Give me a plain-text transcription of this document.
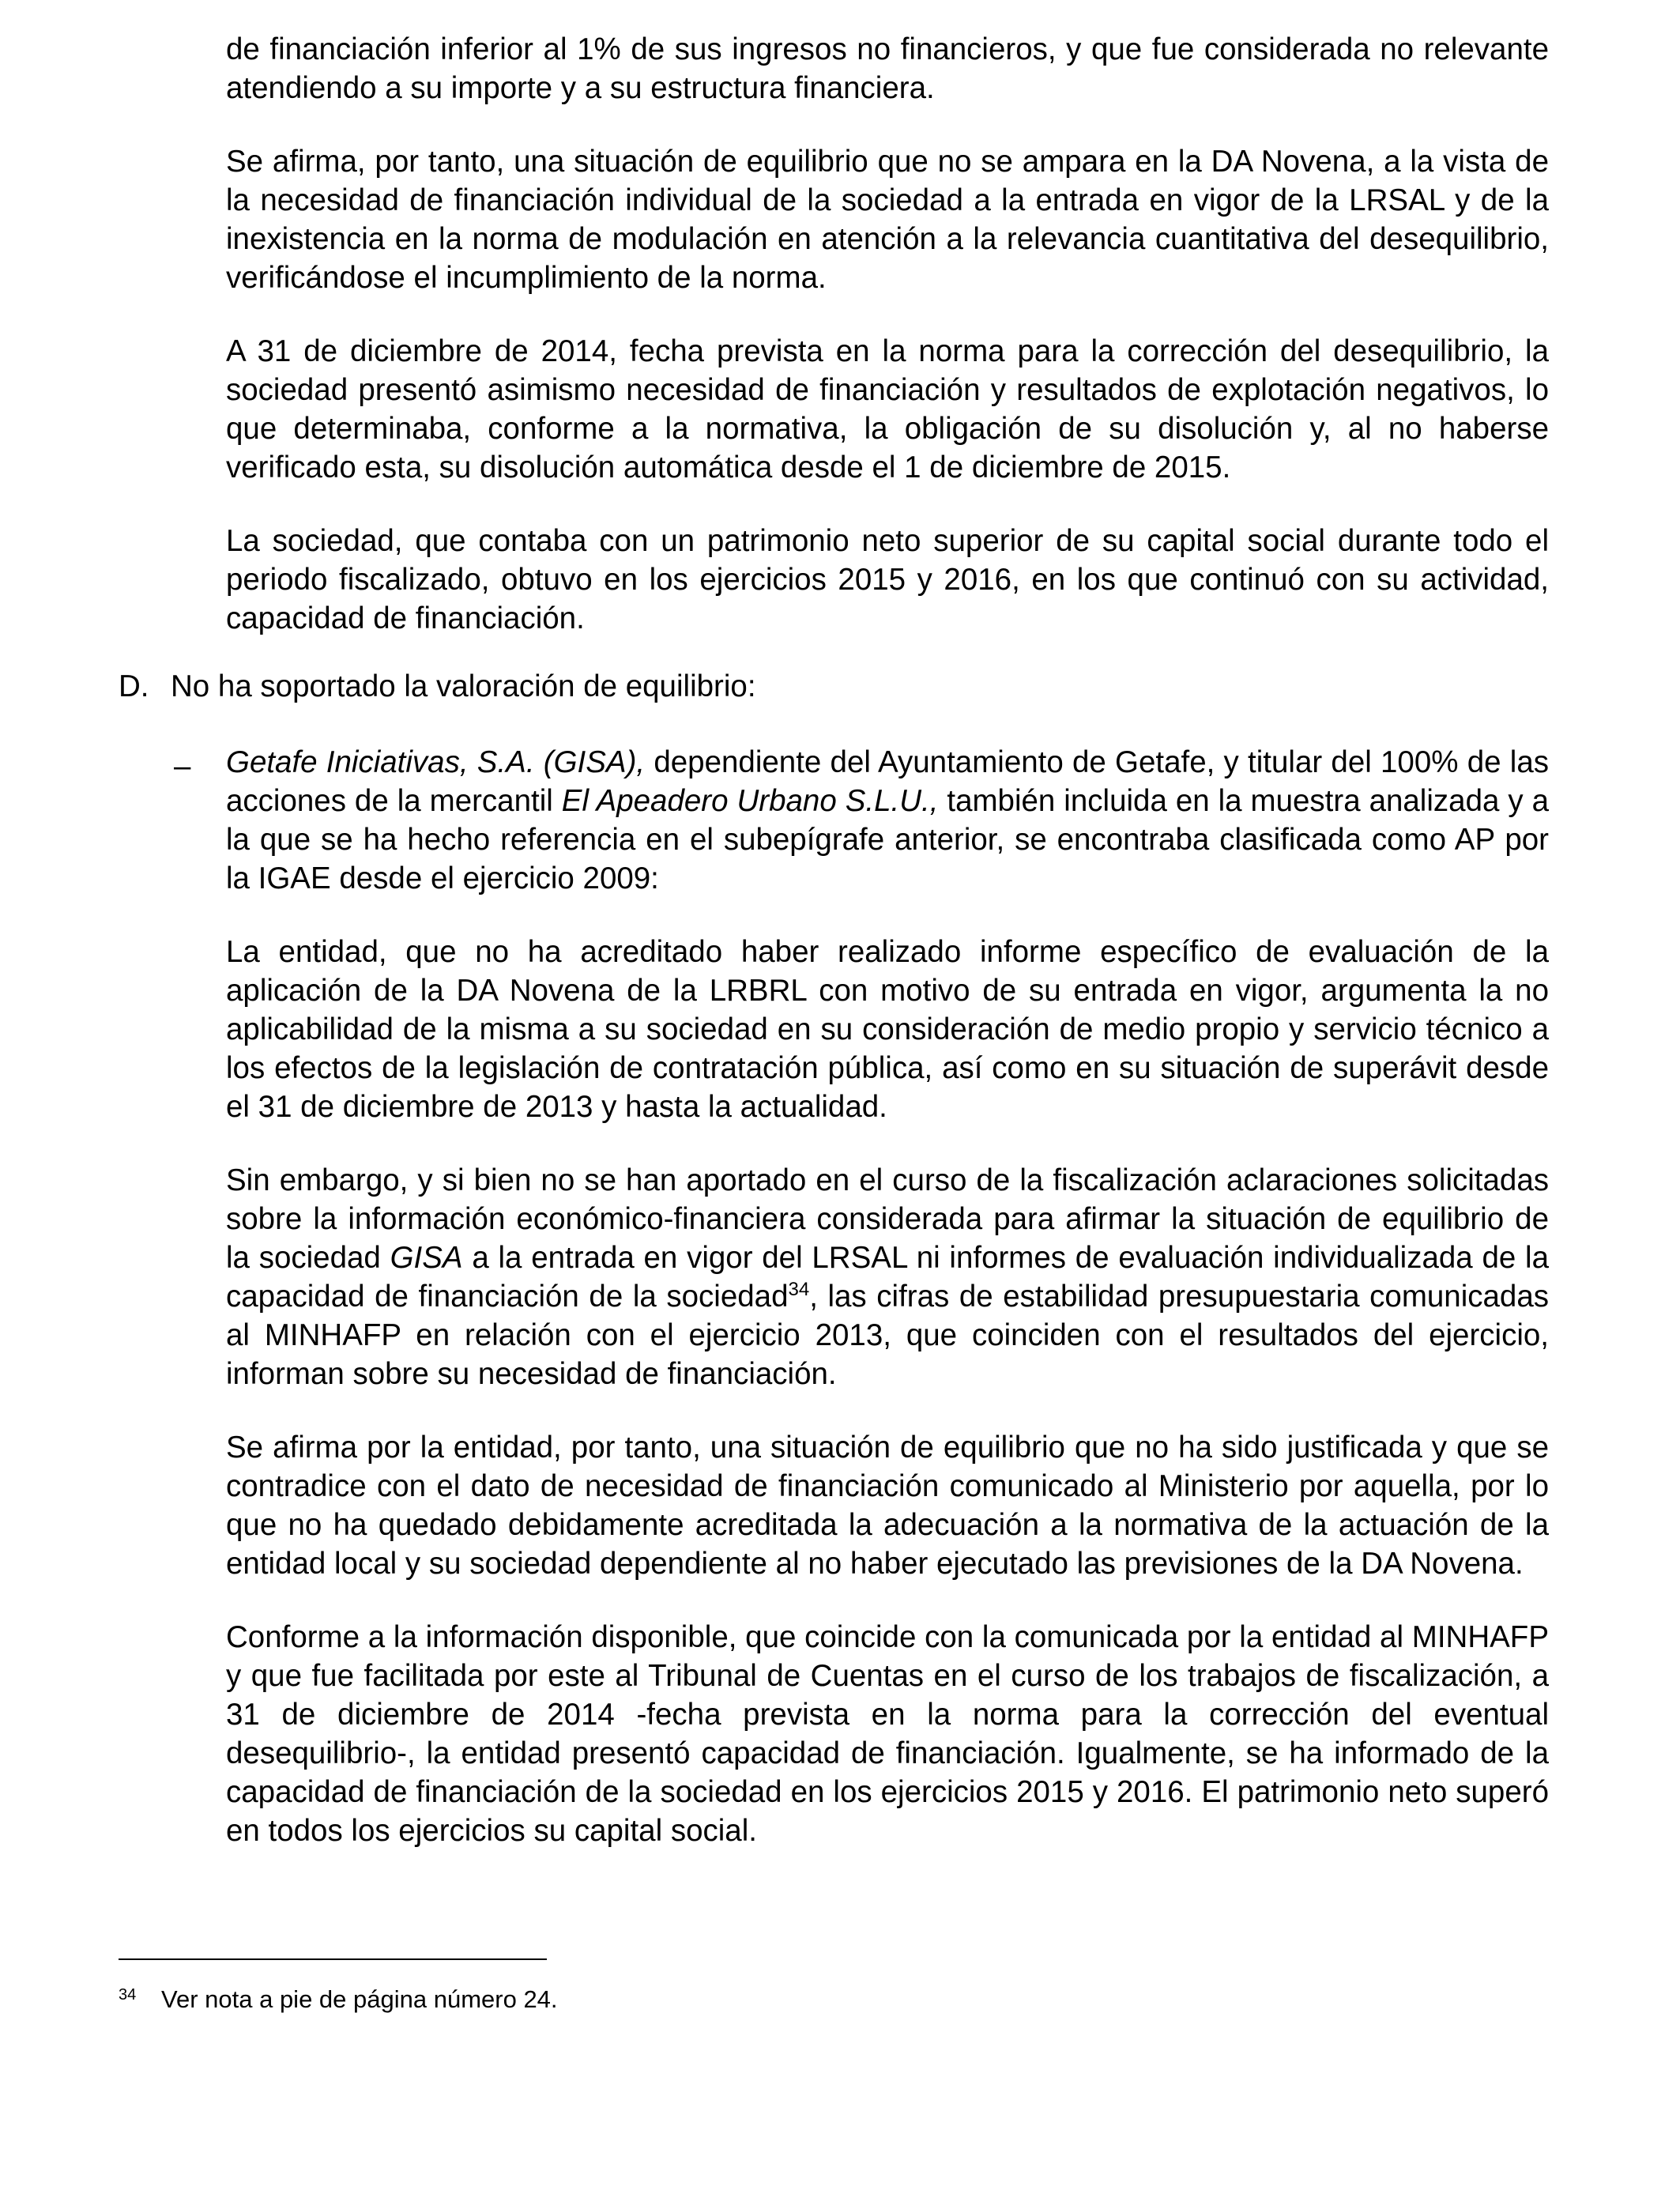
de financiación inferior al 1% de sus ingresos no financieros, y que fue considerada no relevante atendiendo a su importe y a su estructura financiera.

Se afirma, por tanto, una situación de equilibrio que no se ampara en la DA Novena, a la vista de la necesidad de financiación individual de la sociedad a la entrada en vigor de la LRSAL y de la inexistencia en la norma de modulación en atención a la relevancia cuantitativa del desequilibrio, verificándose el incumplimiento de la norma.

A 31 de diciembre de 2014, fecha prevista en la norma para la corrección del desequilibrio, la sociedad presentó asimismo necesidad de financiación y resultados de explotación negativos, lo que determinaba, conforme a la normativa, la obligación de su disolución y, al no haberse verificado esta, su disolución automática desde el 1 de diciembre de 2015.

La sociedad, que contaba con un patrimonio neto superior de su capital social durante todo el periodo fiscalizado, obtuvo en los ejercicios 2015 y 2016, en los que continuó con su actividad, capacidad de financiación.

D. No ha soportado la valoración de equilibrio:
– Getafe Iniciativas, S.A. (GISA), dependiente del Ayuntamiento de Getafe, y titular del 100% de las acciones de la mercantil El Apeadero Urbano S.L.U., también incluida en la muestra analizada y a la que se ha hecho referencia en el subepígrafe anterior, se encontraba clasificada como AP por la IGAE desde el ejercicio 2009:

La entidad, que no ha acreditado haber realizado informe específico de evaluación de la aplicación de la DA Novena de la LRBRL con motivo de su entrada en vigor, argumenta la no aplicabilidad de la misma a su sociedad en su consideración de medio propio y servicio técnico a los efectos de la legislación de contratación pública, así como en su situación de superávit desde el 31 de diciembre de 2013 y hasta la actualidad.

Sin embargo, y si bien no se han aportado en el curso de la fiscalización aclaraciones solicitadas sobre la información económico-financiera considerada para afirmar la situación de equilibrio de la sociedad GISA a la entrada en vigor del LRSAL ni informes de evaluación individualizada de la capacidad de financiación de la sociedad$^{34}$, las cifras de estabilidad presupuestaria comunicadas al MINHAFP en relación con el ejercicio 2013, que coinciden con el resultados del ejercicio, informan sobre su necesidad de financiación.

Se afirma por la entidad, por tanto, una situación de equilibrio que no ha sido justificada y que se contradice con el dato de necesidad de financiación comunicado al Ministerio por aquella, por lo que no ha quedado debidamente acreditada la adecuación a la normativa de la actuación de la entidad local y su sociedad dependiente al no haber ejecutado las previsiones de la DA Novena.

Conforme a la información disponible, que coincide con la comunicada por la entidad al MINHAFP y que fue facilitada por este al Tribunal de Cuentas en el curso de los trabajos de fiscalización, a 31 de diciembre de 2014 -fecha prevista en la norma para la corrección del eventual desequilibrio-, la entidad presentó capacidad de financiación. Igualmente, se ha informado de la capacidad de financiación de la sociedad en los ejercicios 2015 y 2016. El patrimonio neto superó en todos los ejercicios su capital social.

$^{34}$ Ver nota a pie de página número 24.
